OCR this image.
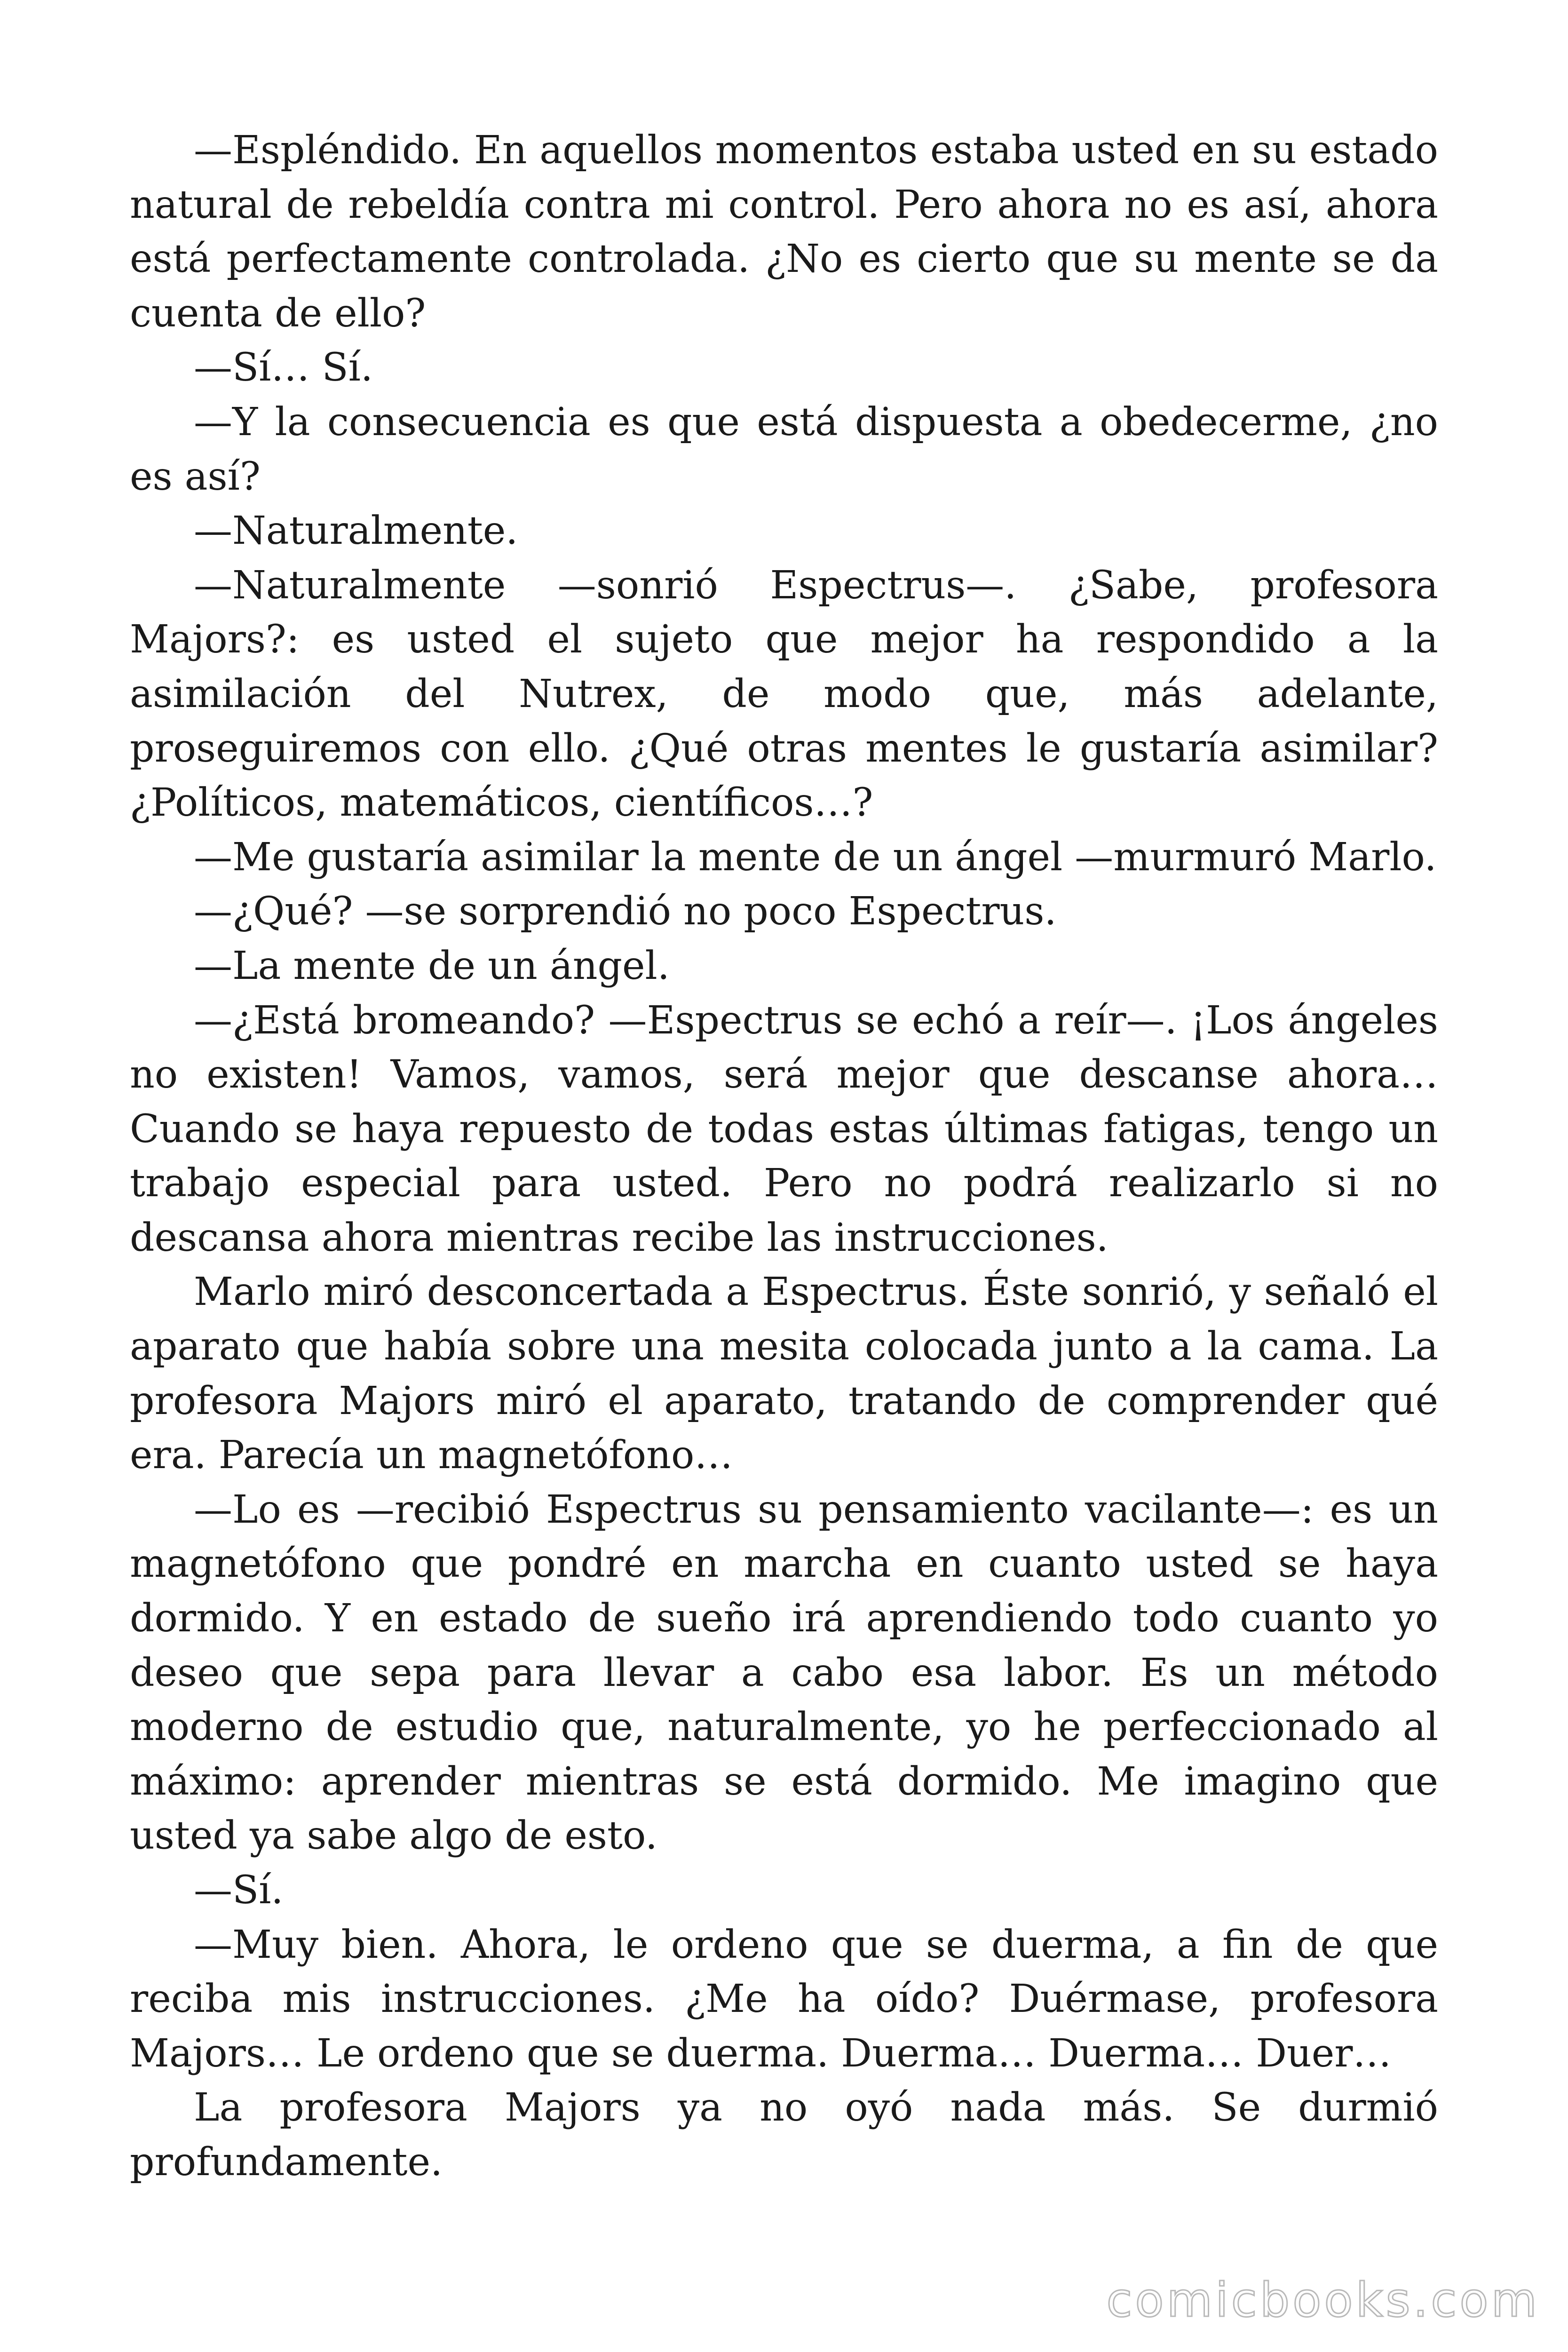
—Espléndido. En aquellos momentos estaba usted en su estado natural de rebeldía contra mi control. Pero ahora no es así, ahora está perfectamente controlada. ¿No es cierto que su mente se da cuenta de ello?

—Sí… Sí.

—Y la consecuencia es que está dispuesta a obedecerme, ¿no es así?

—Naturalmente.

—Naturalmente —sonrió Espectrus—. ¿Sabe, profesora Majors?: es usted el sujeto que mejor ha respondido a la asimilación del Nutrex, de modo que, más adelante, proseguiremos con ello. ¿Qué otras mentes le gustaría asimilar? ¿Políticos, matemáticos, científicos…?

—Me gustaría asimilar la mente de un ángel —murmuró Marlo.

—¿Qué? —se sorprendió no poco Espectrus.

—La mente de un ángel.

—¿Está bromeando? —Espectrus se echó a reír—. ¡Los ángeles no existen! Vamos, vamos, será mejor que descanse ahora… Cuando se haya repuesto de todas estas últimas fatigas, tengo un trabajo especial para usted. Pero no podrá realizarlo si no descansa ahora mientras recibe las instrucciones.

Marlo miró desconcertada a Espectrus. Éste sonrió, y señaló el aparato que había sobre una mesita colocada junto a la cama. La profesora Majors miró el aparato, tratando de comprender qué era. Parecía un magnetófono…

—Lo es —recibió Espectrus su pensamiento vacilante—: es un magnetófono que pondré en marcha en cuanto usted se haya dormido. Y en estado de sueño irá aprendiendo todo cuanto yo deseo que sepa para llevar a cabo esa labor. Es un método moderno de estudio que, naturalmente, yo he perfeccionado al máximo: aprender mientras se está dormido. Me imagino que usted ya sabe algo de esto.

—Sí.

—Muy bien. Ahora, le ordeno que se duerma, a fin de que reciba mis instrucciones. ¿Me ha oído? Duérmase, profesora Majors… Le ordeno que se duerma. Duerma… Duerma… Duer…

La profesora Majors ya no oyó nada más. Se durmió profundamente.

comicbooks.com
